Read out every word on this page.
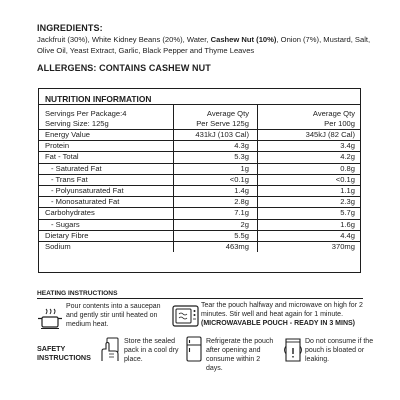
INGREDIENTS:
Jackfruit (30%), White Kidney Beans (20%), Water, Cashew Nut (10%), Onion (7%), Mustard, Salt, Olive Oil, Yeast Extract, Garlic, Black Pepper and Thyme Leaves
ALLERGENS: CONTAINS CASHEW NUT
NUTRITION INFORMATION
Servings Per Package:4
Serving Size: 125g
Average Qty
Per Serve 125g
Average Qty
Per 100g
Energy Value	431kJ (103 Cal)	345kJ (82 Cal)
Protein	4.3g	3.4g
Fat - Total	5.3g	4.2g
- Saturated Fat	1g	0.8g
- Trans Fat	<0.1g	<0.1g
- Polyunsaturated Fat	1.4g	1.1g
- Monosaturated Fat	2.8g	2.3g
Carbohydrates	7.1g	5.7g
- Sugars	2g	1.6g
Dietary Fibre	5.5g	4.4g
Sodium	463mg	370mg
HEATING INSTRUCTIONS
Pour contents into a saucepan and gently stir until heated on medium heat.
Tear the pouch halfway and microwave on high for 2 minutes. Stir well and heat again for 1 minute.
(MICROWAVABLE POUCH - READY IN 3 MINS)
SAFETY
INSTRUCTIONS
Store the sealed pack in a cool dry place.
Refrigerate the pouch after opening and consume within 2 days.
Do not consume if the pouch is bloated or leaking.
